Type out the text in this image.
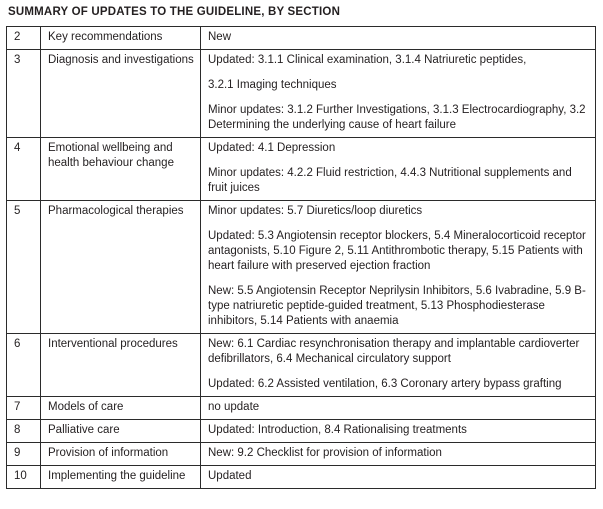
SUMMARY OF UPDATES TO THE GUIDELINE, BY SECTION
2	Key recommendations	New

3	Diagnosis and investigations	Updated: 3.1.1 Clinical examination, 3.1.4 Natriuretic peptides,

3.2.1 Imaging techniques

Minor updates: 3.1.2 Further Investigations, 3.1.3 Electrocardiography, 3.2 Determining the underlying cause of heart failure

4	Emotional wellbeing and health behaviour change	Updated: 4.1 Depression

Minor updates: 4.2.2 Fluid restriction, 4.4.3 Nutritional supplements and fruit juices

5	Pharmacological therapies	Minor updates: 5.7 Diuretics/loop diuretics

Updated: 5.3 Angiotensin receptor blockers, 5.4 Mineralocorticoid receptor antagonists, 5.10 Figure 2, 5.11 Antithrombotic therapy, 5.15 Patients with heart failure with preserved ejection fraction

New: 5.5 Angiotensin Receptor Neprilysin Inhibitors, 5.6 Ivabradine, 5.9 B-type natriuretic peptide-guided treatment, 5.13 Phosphodiesterase inhibitors, 5.14 Patients with anaemia

6	Interventional procedures	New: 6.1 Cardiac resynchronisation therapy and implantable cardioverter defibrillators, 6.4 Mechanical circulatory support

Updated: 6.2 Assisted ventilation, 6.3 Coronary artery bypass grafting

7	Models of care	no update

8	Palliative care	Updated: Introduction, 8.4 Rationalising treatments

9	Provision of information	New: 9.2 Checklist for provision of information

10	Implementing the guideline	Updated
